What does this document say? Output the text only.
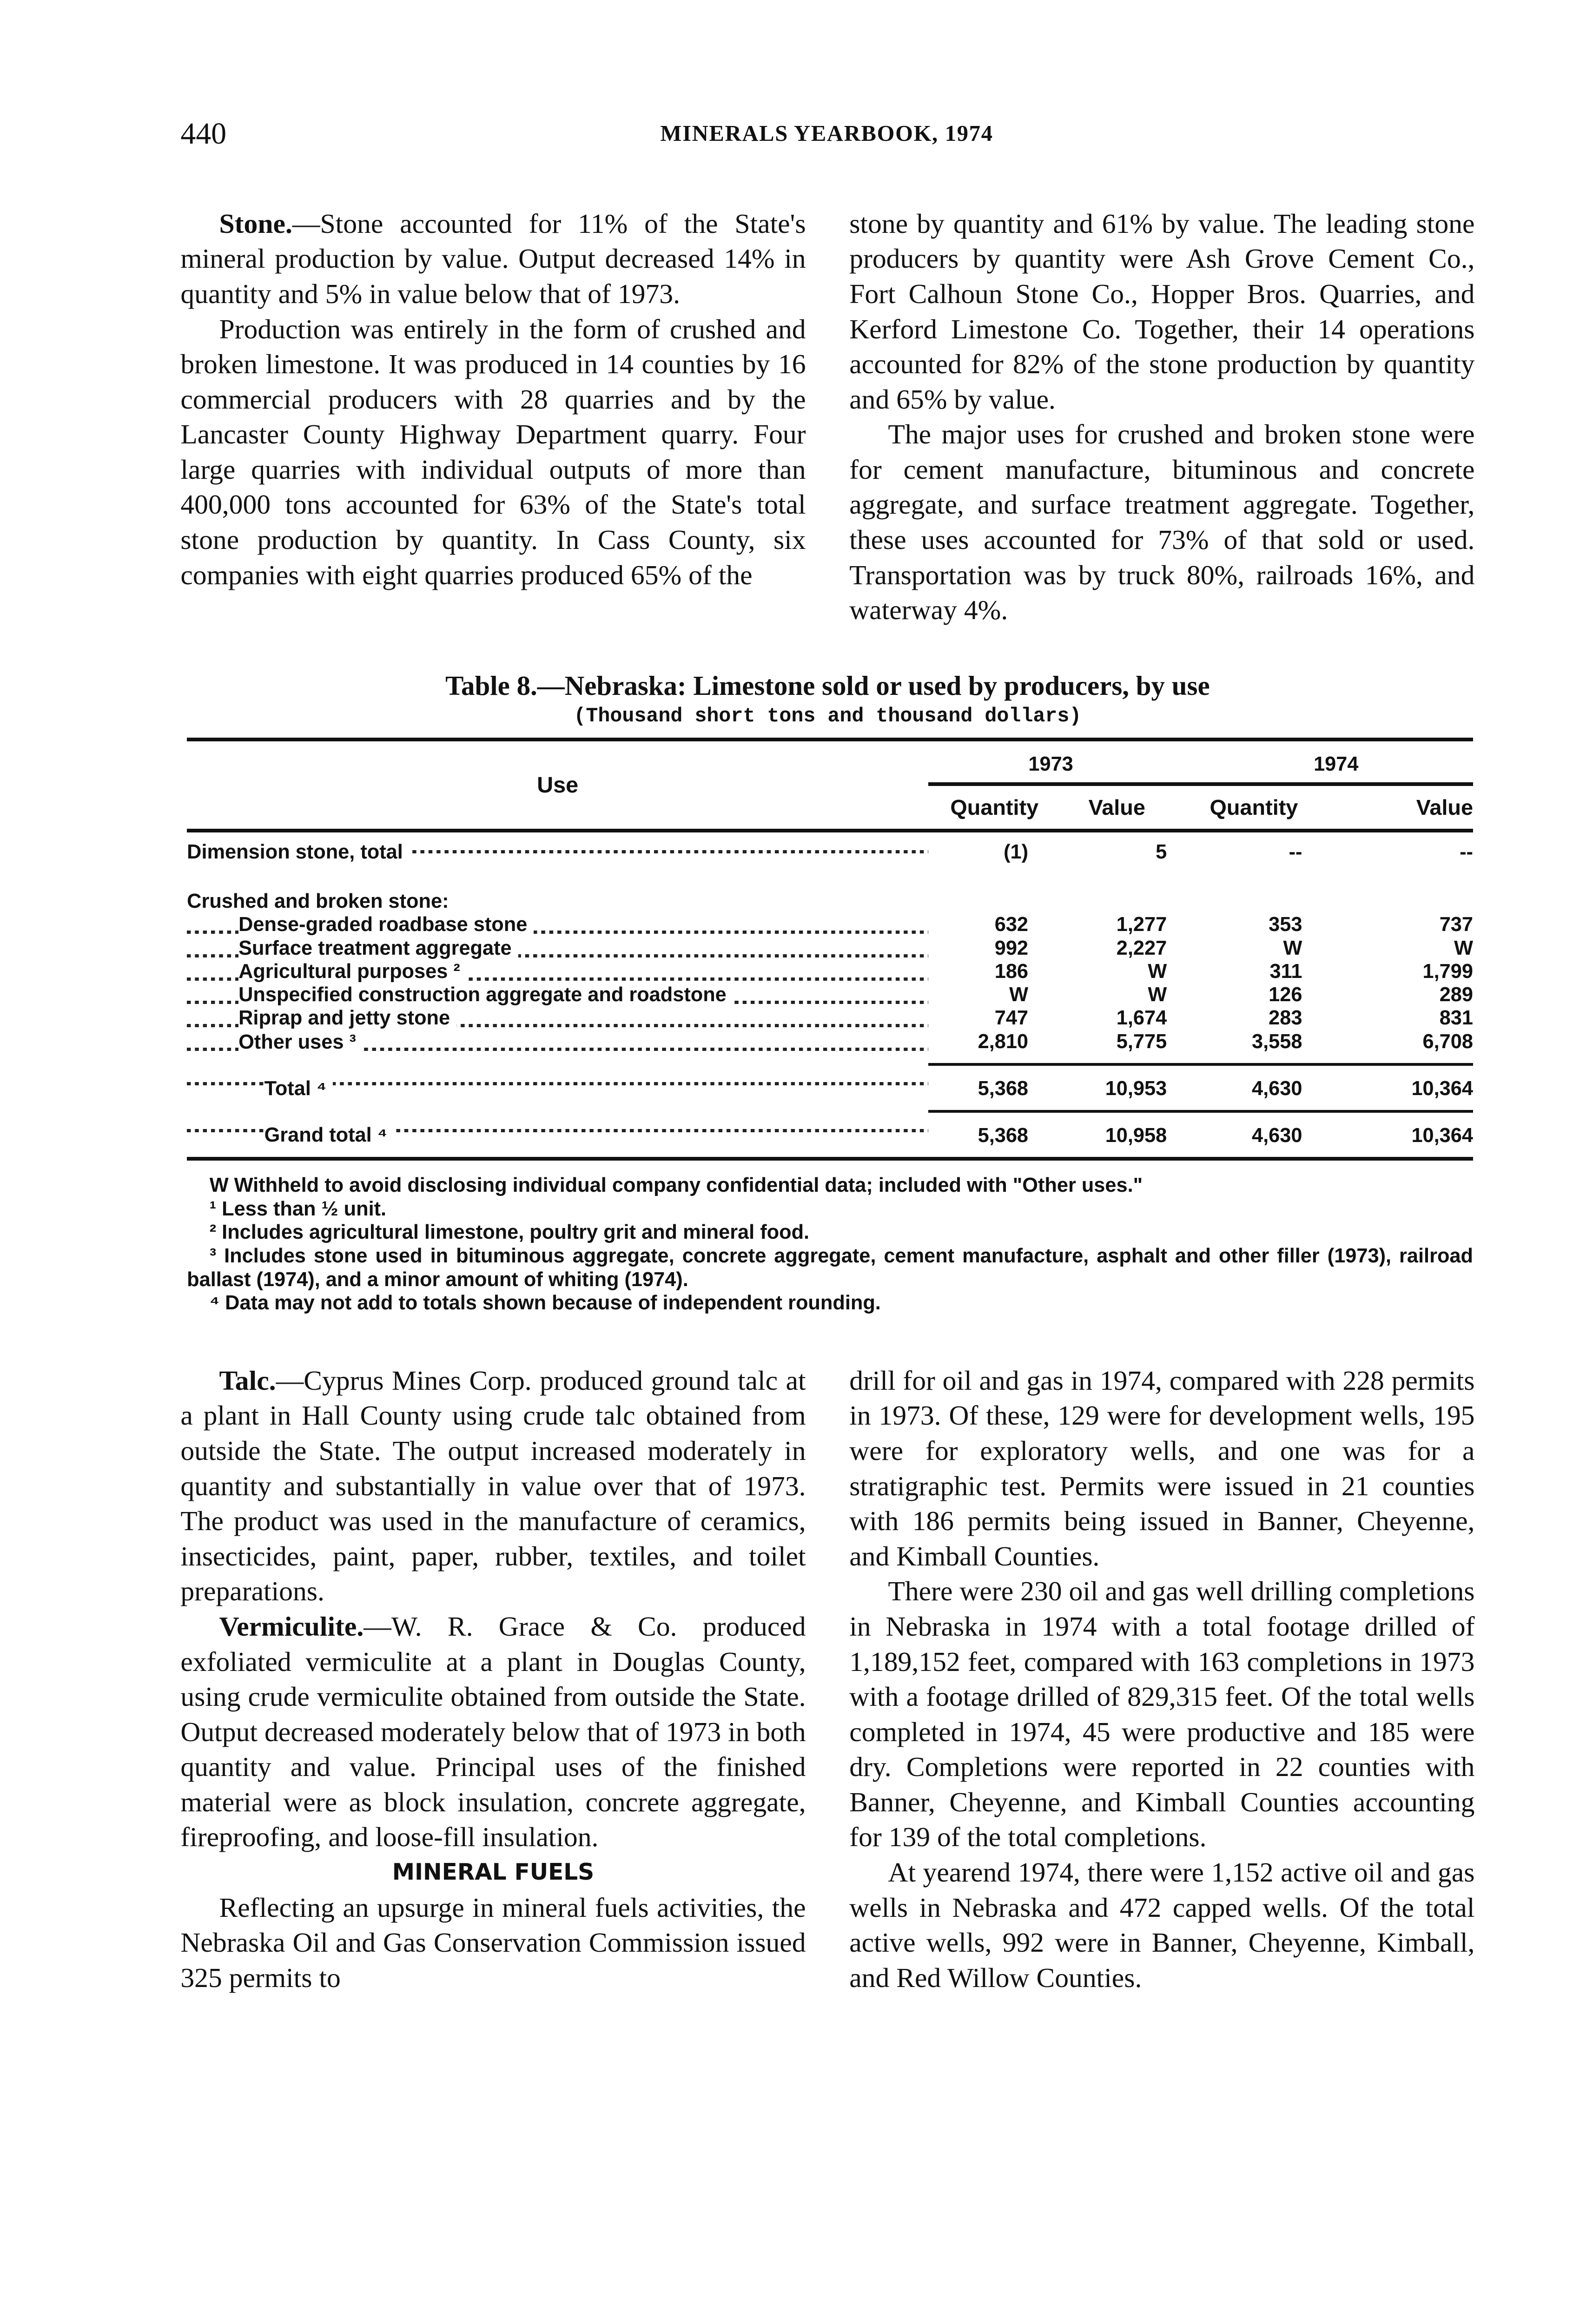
440	MINERALS YEARBOOK, 1974

Stone.—Stone accounted for 11% of the State's mineral production by value. Output decreased 14% in quantity and 5% in value below that of 1973.

Production was entirely in the form of crushed and broken limestone. It was produced in 14 counties by 16 commercial producers with 28 quarries and by the Lancaster County Highway Department quarry. Four large quarries with individual outputs of more than 400,000 tons accounted for 63% of the State's total stone production by quantity. In Cass County, six companies with eight quarries produced 65% of the

stone by quantity and 61% by value. The leading stone producers by quantity were Ash Grove Cement Co., Fort Calhoun Stone Co., Hopper Bros. Quarries, and Kerford Limestone Co. Together, their 14 operations accounted for 82% of the stone production by quantity and 65% by value.

The major uses for crushed and broken stone were for cement manufacture, bituminous and concrete aggregate, and surface treatment aggregate. Together, these uses accounted for 73% of that sold or used. Transportation was by truck 80%, railroads 16%, and waterway 4%.

Table 8.—Nebraska: Limestone sold or used by producers, by use
(Thousand short tons and thousand dollars)
Use	1973		1974	
	Quantity	Value	Quantity	Value
Dimension stone, total	(1)	5	--	--
Crushed and broken stone:				
Dense-graded roadbase stone	632	1,277	353	737
Surface treatment aggregate	992	2,227	W	W
Agricultural purposes ²	186	W	311	1,799
Unspecified construction aggregate and roadstone	W	W	126	289
Riprap and jetty stone	747	1,674	283	831
Other uses ³	2,810	5,775	3,558	6,708
Total ⁴	5,368	10,953	4,630	10,364
Grand total ⁴	5,368	10,958	4,630	10,364

W Withheld to avoid disclosing individual company confidential data; included with "Other uses."

¹ Less than ½ unit.

² Includes agricultural limestone, poultry grit and mineral food.

³ Includes stone used in bituminous aggregate, concrete aggregate, cement manufacture, asphalt and other filler (1973), railroad ballast (1974), and a minor amount of whiting (1974).

⁴ Data may not add to totals shown because of independent rounding.

Talc.—Cyprus Mines Corp. produced ground talc at a plant in Hall County using crude talc obtained from outside the State. The output increased moderately in quantity and substantially in value over that of 1973. The product was used in the manufacture of ceramics, insecticides, paint, paper, rubber, textiles, and toilet preparations.

Vermiculite.—W. R. Grace & Co. produced exfoliated vermiculite at a plant in Douglas County, using crude vermiculite obtained from outside the State. Output decreased moderately below that of 1973 in both quantity and value. Principal uses of the finished material were as block insulation, concrete aggregate, fireproofing, and loose-fill insulation.

MINERAL FUELS

Reflecting an upsurge in mineral fuels activities, the Nebraska Oil and Gas Conservation Commission issued 325 permits to

drill for oil and gas in 1974, compared with 228 permits in 1973. Of these, 129 were for development wells, 195 were for exploratory wells, and one was for a stratigraphic test. Permits were issued in 21 counties with 186 permits being issued in Banner, Cheyenne, and Kimball Counties.

There were 230 oil and gas well drilling completions in Nebraska in 1974 with a total footage drilled of 1,189,152 feet, compared with 163 completions in 1973 with a footage drilled of 829,315 feet. Of the total wells completed in 1974, 45 were productive and 185 were dry. Completions were reported in 22 counties with Banner, Cheyenne, and Kimball Counties accounting for 139 of the total completions.

At yearend 1974, there were 1,152 active oil and gas wells in Nebraska and 472 capped wells. Of the total active wells, 992 were in Banner, Cheyenne, Kimball, and Red Willow Counties.
